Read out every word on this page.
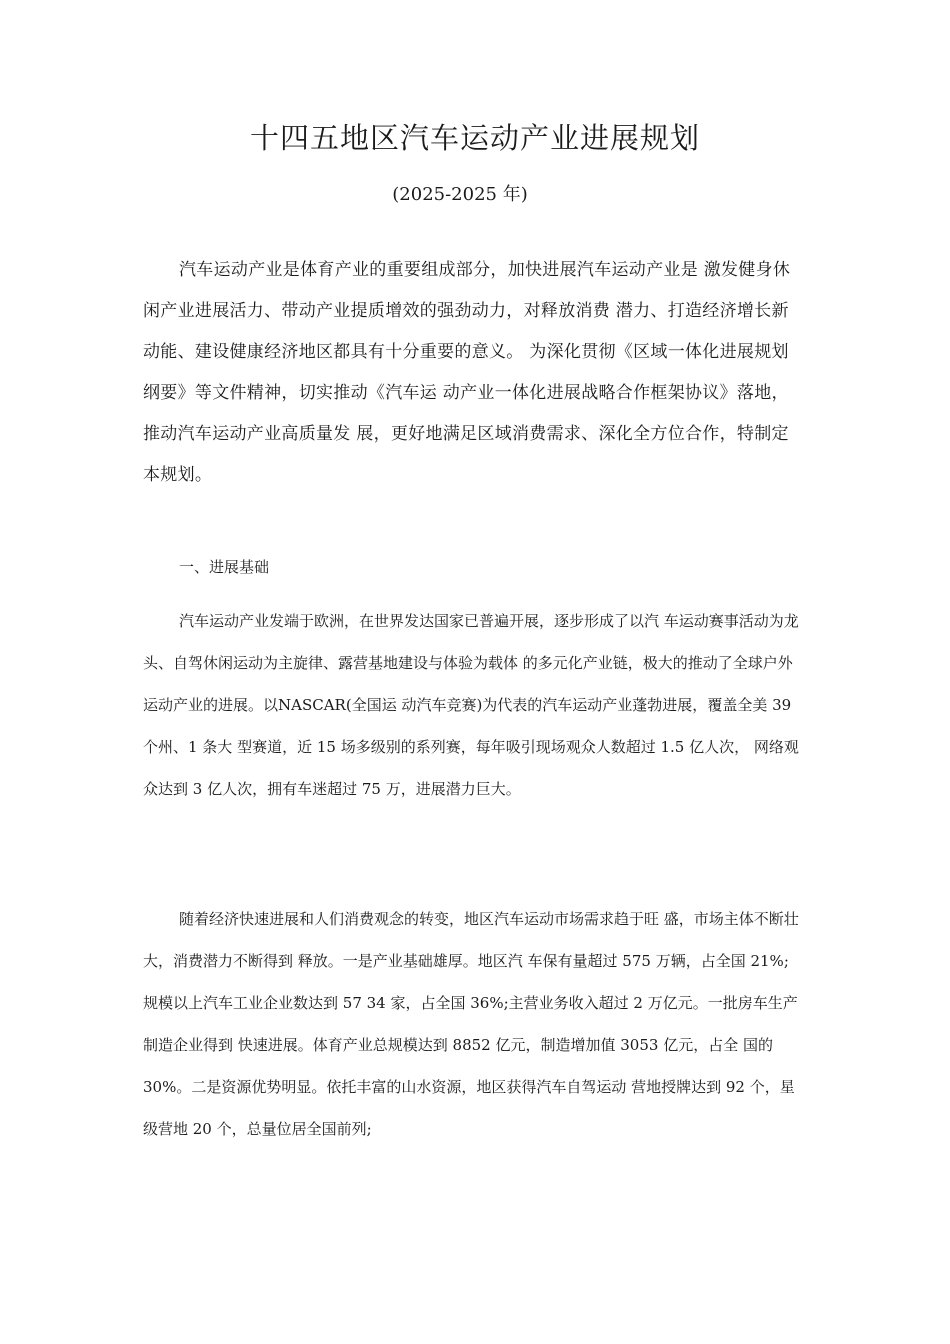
十四五地区汽车运动产业进展规划
(2025-2025 年)

汽车运动产业是体育产业的重要组成部分，加快进展汽车运动产业是 激发健身休闲产业进展活力、带动产业提质增效的强劲动力，对释放消费 潜力、打造经济增长新动能、建设健康经济地区都具有十分重要的意义。 为深化贯彻《区域一体化进展规划纲要》等文件精神，切实推动《汽车运 动产业一体化进展战略合作框架协议》落地，推动汽车运动产业高质量发 展，更好地满足区域消费需求、深化全方位合作，特制定本规划。

一、进展基础

汽车运动产业发端于欧洲，在世界发达国家已普遍开展，逐步形成了以汽 车运动赛事活动为龙头、自驾休闲运动为主旋律、露营基地建设与体验为载体 的多元化产业链，极大的推动了全球户外运动产业的进展。以NASCAR(全国运 动汽车竞赛)为代表的汽车运动产业蓬勃进展，覆盖全美 39 个州、1 条大 型赛道，近 15 场多级别的系列赛，每年吸引现场观众人数超过 1.5 亿人次， 网络观众达到 3 亿人次，拥有车迷超过 75 万，进展潜力巨大。

随着经济快速进展和人们消费观念的转变，地区汽车运动市场需求趋于旺 盛，市场主体不断壮大，消费潜力不断得到 释放。一是产业基础雄厚。地区汽 车保有量超过 575 万辆，占全国 21%;规模以上汽车工业企业数达到 57 34 家，占全国 36%;主营业务收入超过 2 万亿元。一批房车生产制造企业得到 快速进展。体育产业总规模达到 8852 亿元，制造增加值 3053 亿元，占全 国的 30%。二是资源优势明显。依托丰富的山水资源，地区获得汽车自驾运动 营地授牌达到 92 个，星级营地 20 个，总量位居全国前列;
